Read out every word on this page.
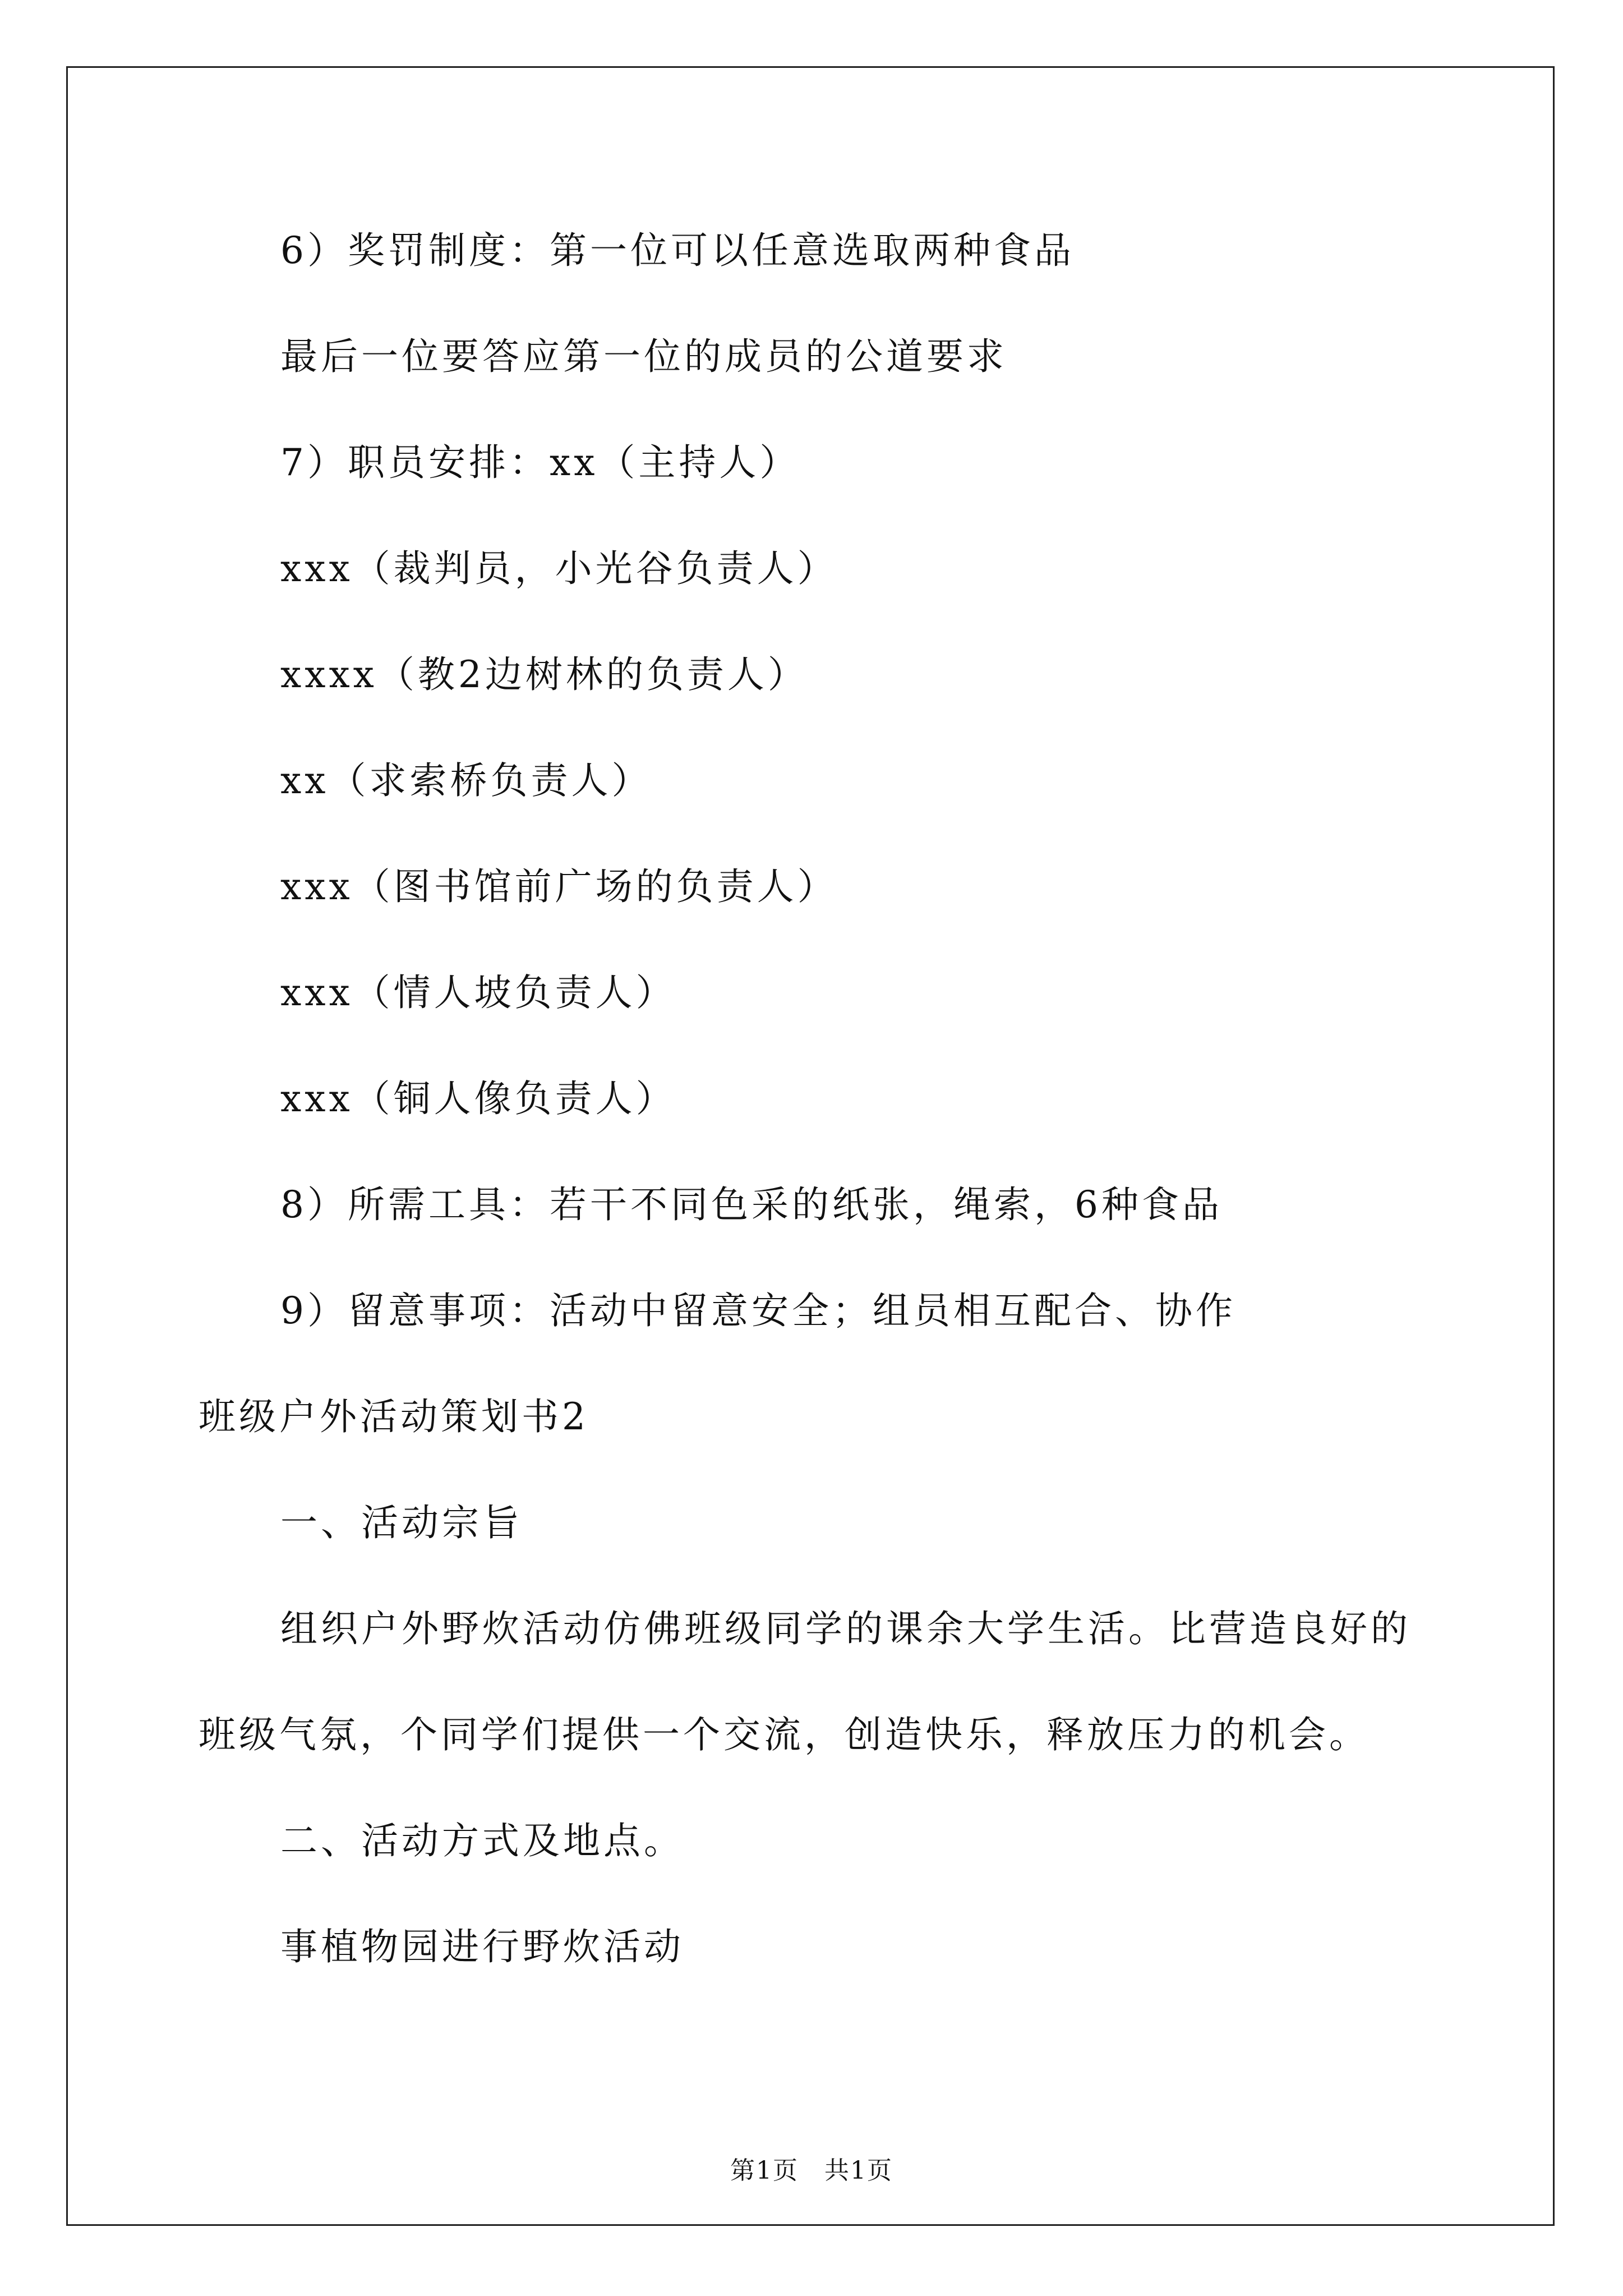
6）奖罚制度：第一位可以任意选取两种食品
最后一位要答应第一位的成员的公道要求
7）职员安排：xx（主持人）
xxx（裁判员，小光谷负责人）
xxxx（教2边树林的负责人）
xx（求索桥负责人）
xxx（图书馆前广场的负责人）
xxx（情人坡负责人）
xxx（铜人像负责人）
8）所需工具：若干不同色采的纸张，绳索，6种食品
9）留意事项：活动中留意安全；组员相互配合、协作
班级户外活动策划书2
一、活动宗旨
组织户外野炊活动仿佛班级同学的课余大学生活。比营造良好的
班级气氛，个同学们提供一个交流，创造快乐，释放压力的机会。
二、活动方式及地点。
事植物园进行野炊活动
第1页　共1页
